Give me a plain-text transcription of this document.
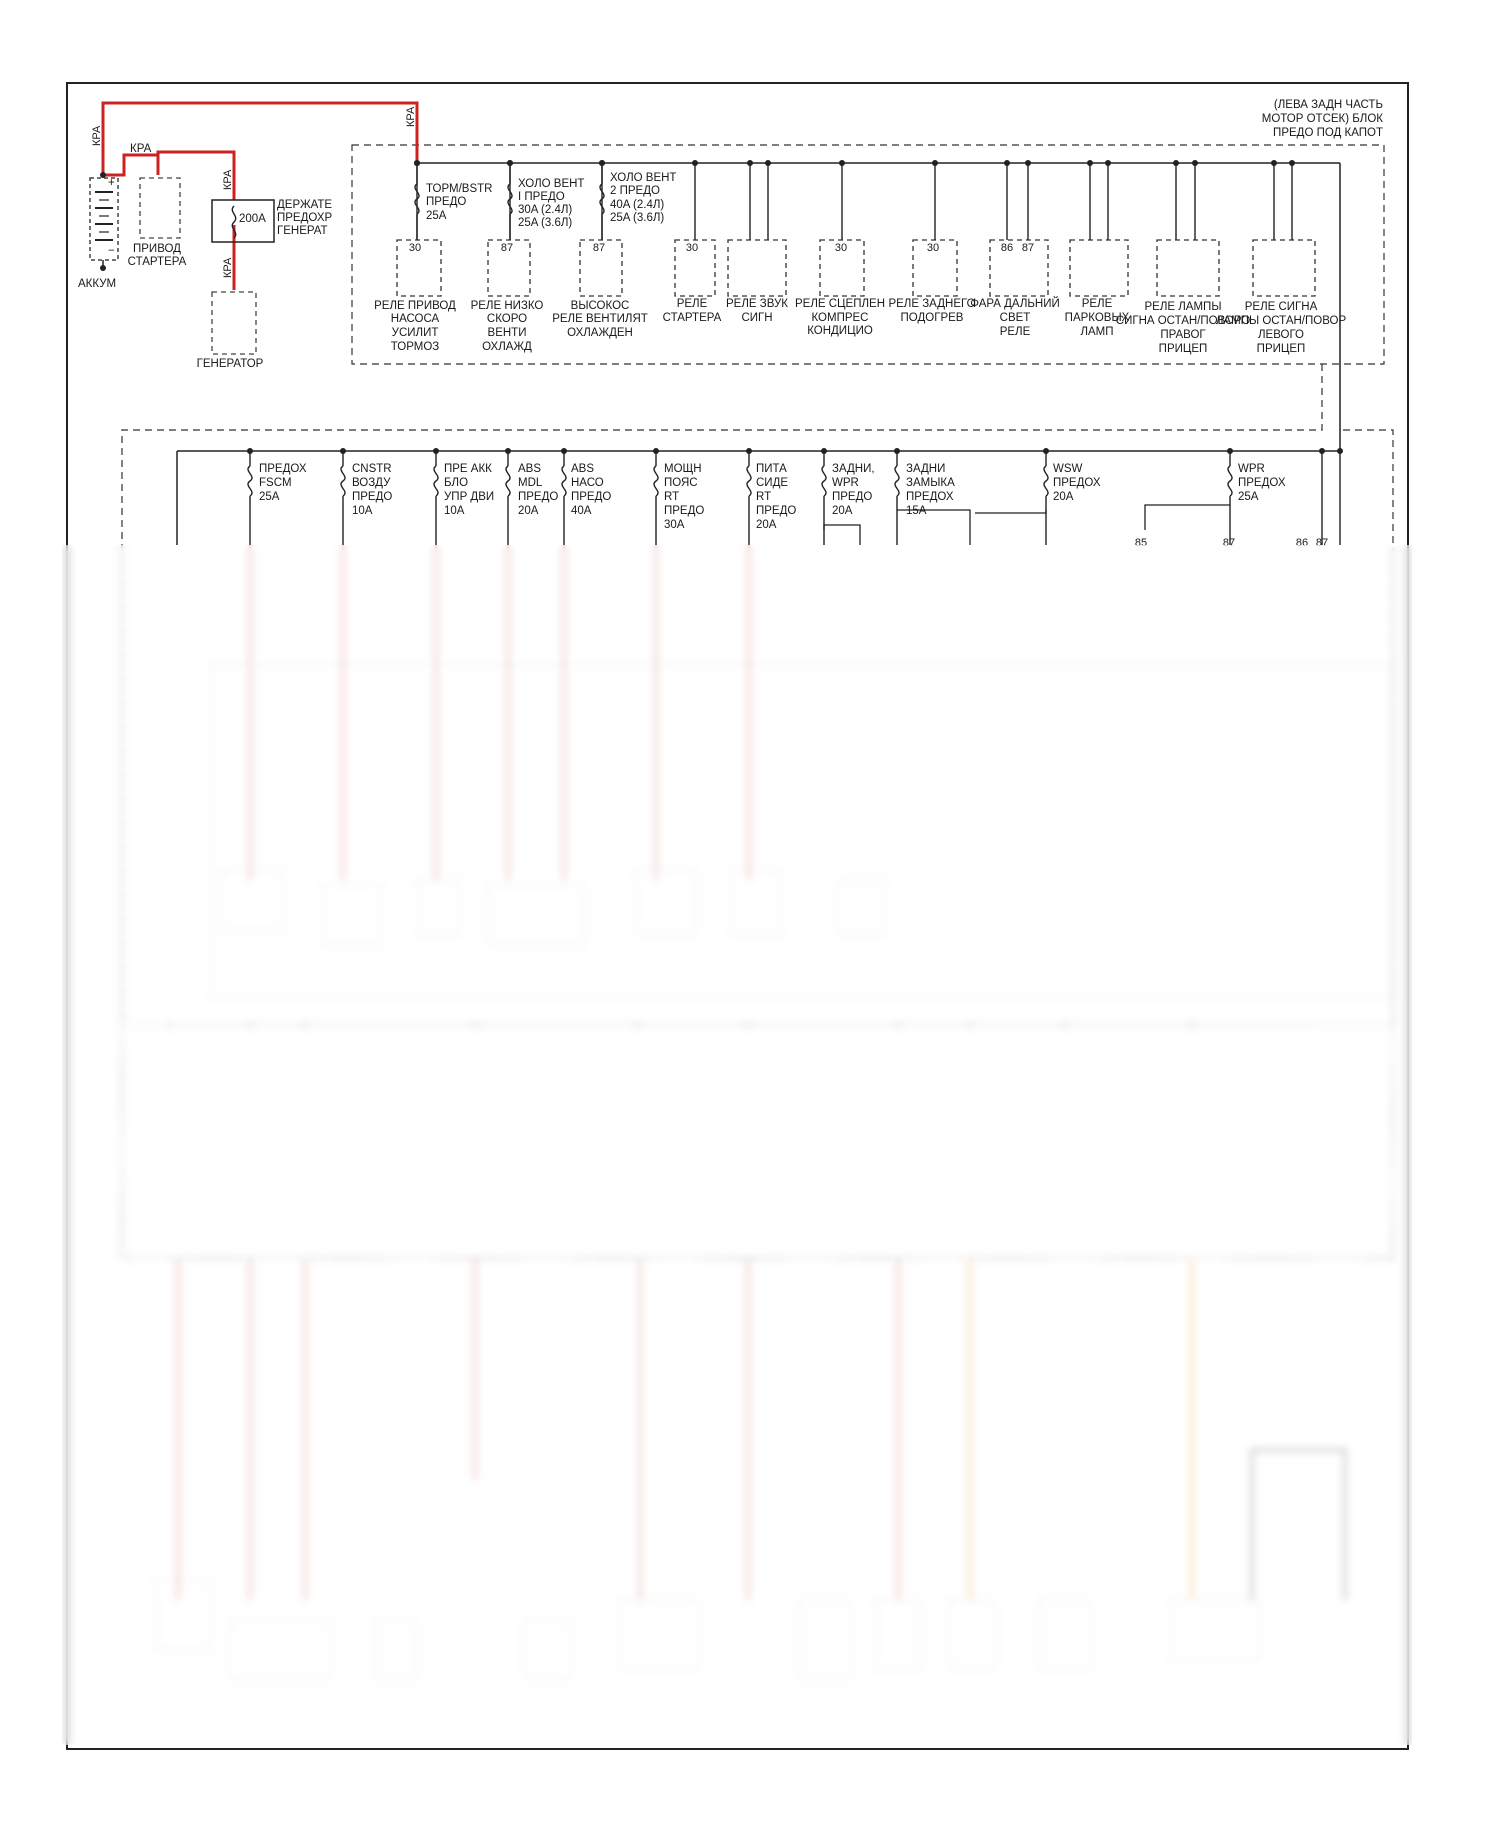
(ЛЕВА ЗАДН ЧАСТЬ
МОТОР ОТСЕК) БЛОК
ПРЕДО ПОД КАПОТ
КРА
КРА
КРА
КРА
КРА
+
−
АККУМ
ПРИВОД
СТАРТЕРА
200A
ДЕРЖАТЕ
ПРЕДОХР
ГЕНЕРАТ
ГЕНЕРАТОР
ТОРМ/BSTR
ПРЕДО
25A
ХОЛО ВЕНТ
I ПРЕДО
30A (2.4Л)
25A (3.6Л)
ХОЛО ВЕНТ
2 ПРЕДО
40A (2.4Л)
25A (3.6Л)
30	87	87	30	30	30	86 87
РЕЛЕ ПРИВОД
НАСОСА
УСИЛИТ
ТОРМОЗ
РЕЛЕ НИЗКО
СКОРО
ВЕНТИ
ОХЛАЖД
ВЫСОКОС
РЕЛЕ ВЕНТИЛЯТ
ОХЛАЖДЕН
РЕЛЕ
СТАРТЕРА
РЕЛЕ ЗВУК
СИГН
РЕЛЕ СЦЕПЛЕН
КОМПРЕС
КОНДИЦИО
РЕЛЕ ЗАДНЕГО
ПОДОГРЕВ
ФАРА ДАЛЬНИЙ
СВЕТ
РЕЛЕ
РЕЛЕ
ПАРКОВЫХ
ЛАМП
РЕЛЕ ЛАМПЫ
СИГНА ОСТАН/ПОВОРО
ПРАВОГ
ПРИЦЕП
РЕЛЕ СИГНА
ЛАМПЫ ОСТАН/ПОВОР
ЛЕВОГО
ПРИЦЕП
ПРЕДОХ
FSCM
25A
CNSTR
ВОЗДУ
ПРЕДО
10A
ПРЕ АКК
БЛО
УПР ДВИ
10A
ABS
MDL
ПРЕДО
20A
ABS
НАСО
ПРЕДО
40A
МОЩН
ПОЯС
RT
ПРЕДО
30A
ПИТА
СИДЕ
RT
ПРЕДО
20A
ЗАДНИ,
WPR
ПРЕДО
20A
ЗАДНИ
ЗАМЫКА
ПРЕДОХ
15A
WSW
ПРЕДОХ
20A
WPR
ПРЕДОХ
25A
85	87	86 87
